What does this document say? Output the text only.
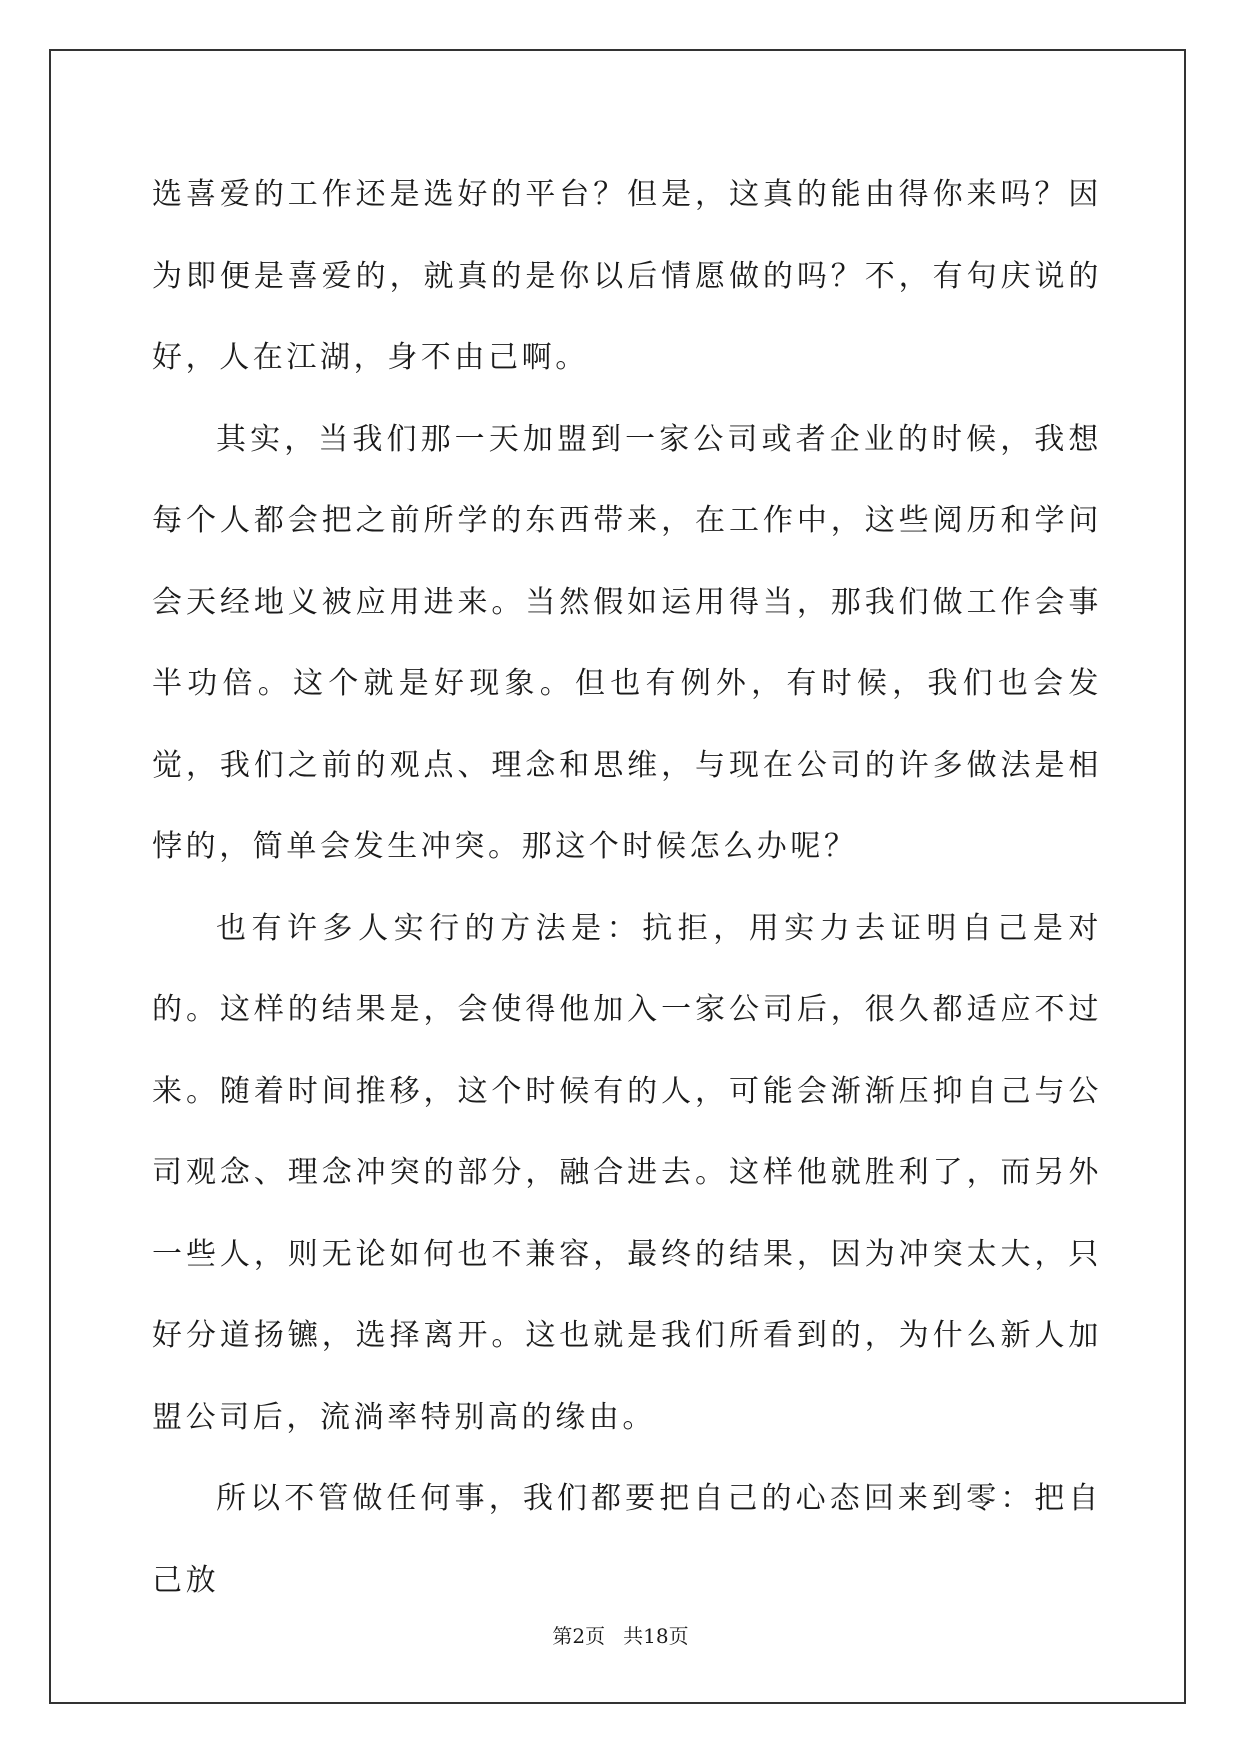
选喜爱的工作还是选好的平台？但是，这真的能由得你来吗？因为即便是喜爱的，就真的是你以后情愿做的吗？不，有句庆说的好，人在江湖，身不由己啊。

其实，当我们那一天加盟到一家公司或者企业的时候，我想每个人都会把之前所学的东西带来，在工作中，这些阅历和学问会天经地义被应用进来。当然假如运用得当，那我们做工作会事半功倍。这个就是好现象。但也有例外，有时候，我们也会发觉，我们之前的观点、理念和思维，与现在公司的许多做法是相悖的，简单会发生冲突。那这个时候怎么办呢？

也有许多人实行的方法是：抗拒，用实力去证明自己是对的。这样的结果是，会使得他加入一家公司后，很久都适应不过来。随着时间推移，这个时候有的人，可能会渐渐压抑自己与公司观念、理念冲突的部分，融合进去。这样他就胜利了，而另外一些人，则无论如何也不兼容，最终的结果，因为冲突太大，只好分道扬镳，选择离开。这也就是我们所看到的，为什么新人加盟公司后，流淌率特别高的缘由。

所以不管做任何事，我们都要把自己的心态回来到零：把自己放

第2页 共18页
